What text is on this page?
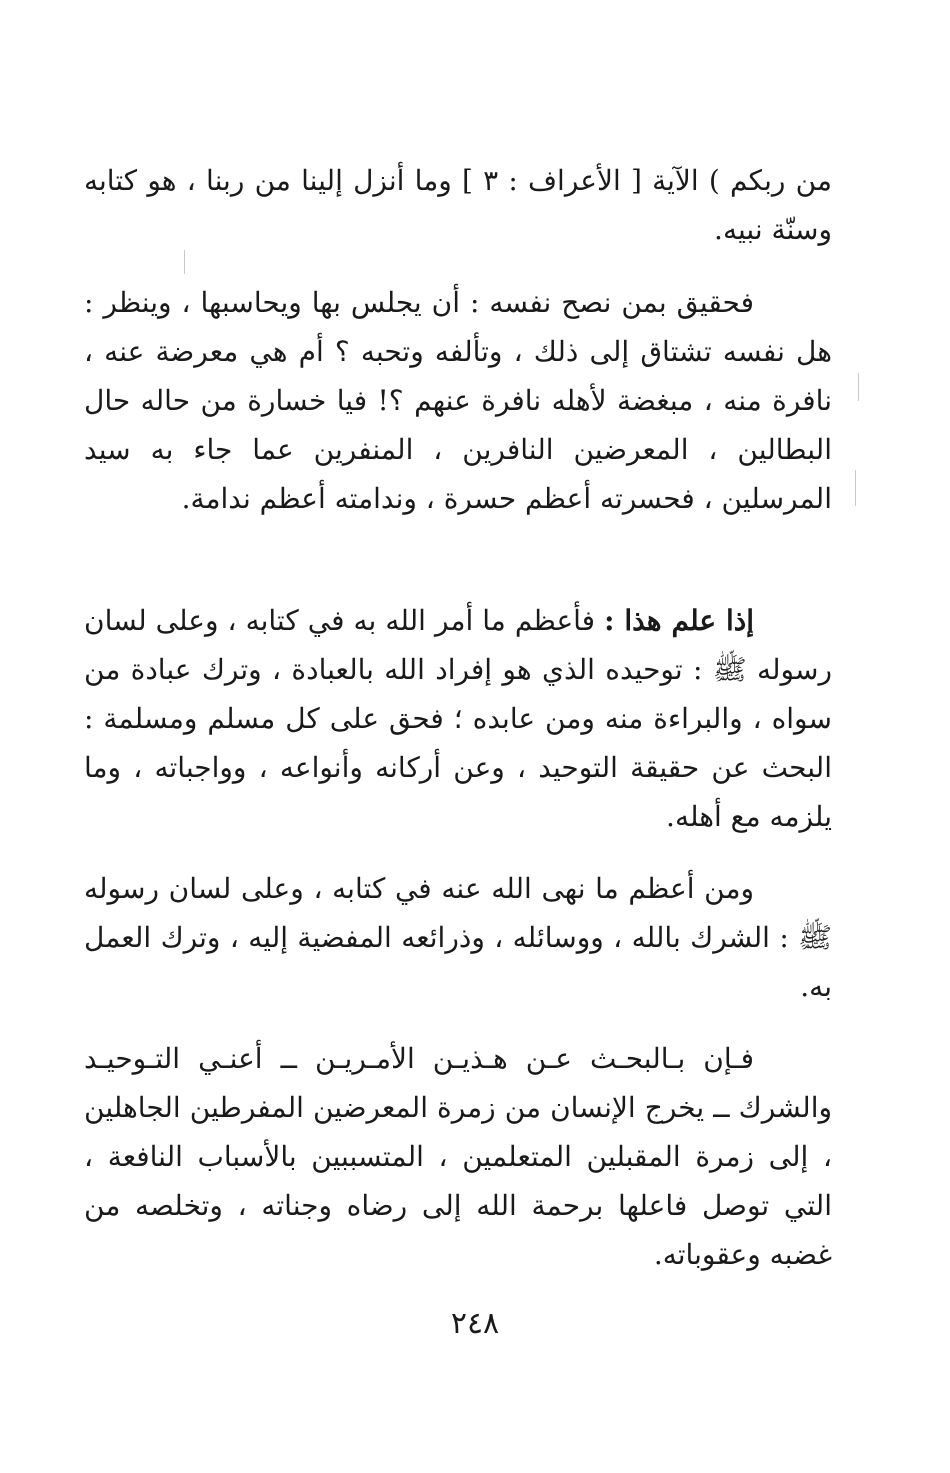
من ربكم ) الآية [ الأعراف : ٣ ] وما أنزل إلينا من ربنا ، هو كتابه وسنّة نبيه.

فحقيق بمن نصح نفسه : أن يجلس بها ويحاسبها ، وينظر : هل نفسه تشتاق إلى ذلك ، وتألفه وتحبه ؟ أم هي معرضة عنه ، نافرة منه ، مبغضة لأهله نافرة عنهم ؟! فيا خسارة من حاله حال البطالين ، المعرضين النافرين ، المنفرين عما جاء به سيد المرسلين ، فحسرته أعظم حسرة ، وندامته أعظم ندامة.

إذا علم هذا : فأعظم ما أمر الله به في كتابه ، وعلى لسان رسوله ﷺ : توحيده الذي هو إفراد الله بالعبادة ، وترك عبادة من سواه ، والبراءة منه ومن عابده ؛ فحق على كل مسلم ومسلمة : البحث عن حقيقة التوحيد ، وعن أركانه وأنواعه ، وواجباته ، وما يلزمه مع أهله.

ومن أعظم ما نهى الله عنه في كتابه ، وعلى لسان رسوله ﷺ : الشرك بالله ، ووسائله ، وذرائعه المفضية إليه ، وترك العمل به.

فـإن بـالبحـث عـن هـذيـن الأمـريـن ــ أعنـي التـوحيـد والشرك ــ يخرج الإنسان من زمرة المعرضين المفرطين الجاهلين ، إلى زمرة المقبلين المتعلمين ، المتسببين بالأسباب النافعة ، التي توصل فاعلها برحمة الله إلى رضاه وجناته ، وتخلصه من غضبه وعقوباته.

٢٤٨
